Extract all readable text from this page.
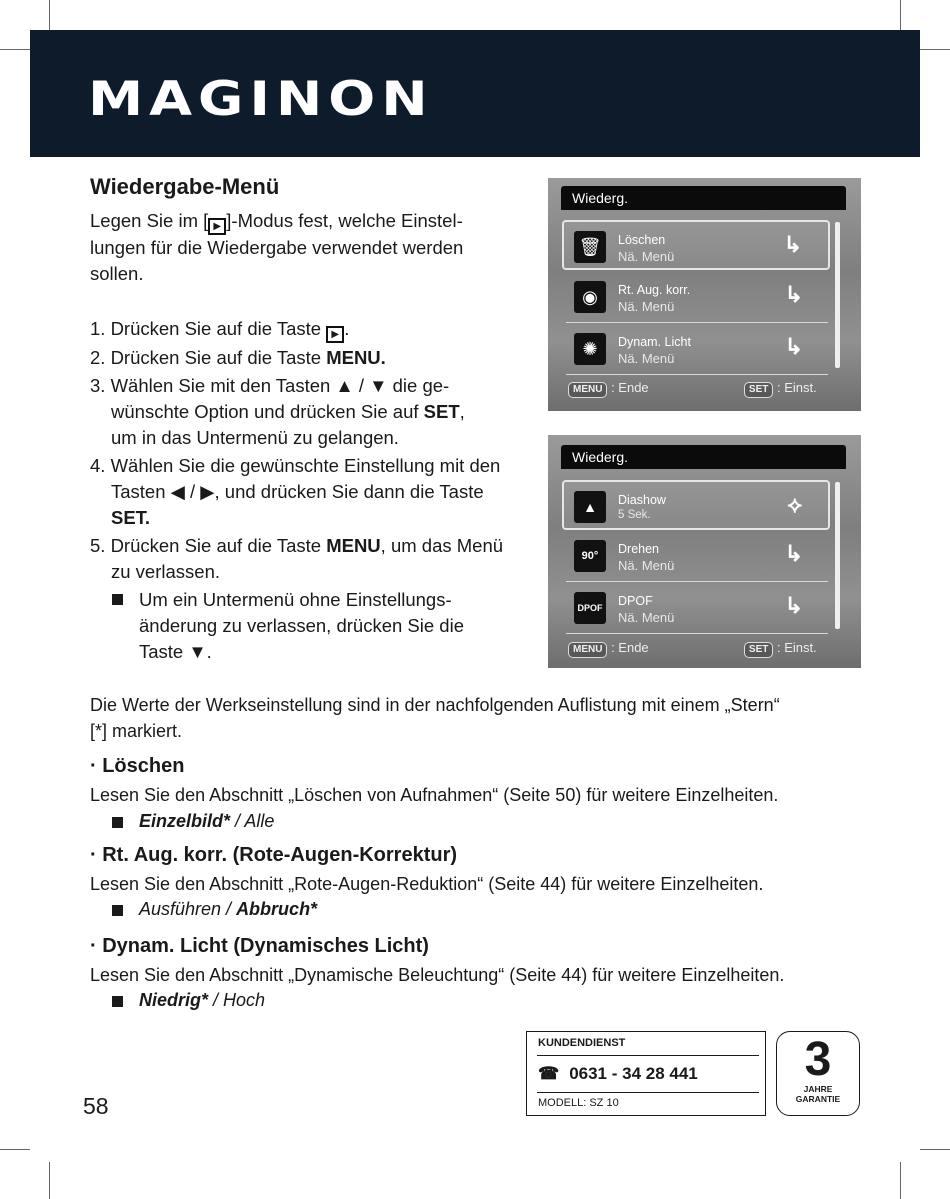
MAGINON
Wiedergabe-Menü
Legen Sie im [ ▶ ]-Modus fest, welche Einstel-
lungen für die Wiedergabe verwendet werden
sollen.
1. Drücken Sie auf die Taste ▶ .
2. Drücken Sie auf die Taste MENU.
3. Wählen Sie mit den Tasten ▲ / ▼ die ge-
wünschte Option und drücken Sie auf SET,
um in das Untermenü zu gelangen.
4. Wählen Sie die gewünschte Einstellung mit den
Tasten ◀ / ▶, und drücken Sie dann die Taste
SET.
5. Drücken Sie auf die Taste MENU, um das Menü
zu verlassen.
Um ein Untermenü ohne Einstellungs-
änderung zu verlassen, drücken Sie die
Taste ▼.
Wiederg.
🗑	Löschen
Nä. Menü	↳
◉	Rt. Aug. korr.
Nä. Menü	↳
✺	Dynam. Licht
Nä. Menü	↳
MENU : Ende	SET : Einst.
Wiederg.
▲	Diashow
5 Sek.	⟡
90°	Drehen
Nä. Menü	↳
DPOF DPOF
Nä. Menü	↳
MENU : Ende	SET : Einst.
Die Werte der Werkseinstellung sind in der nachfolgenden Auflistung mit einem „Stern“
[*] markiert.
· Löschen
Lesen Sie den Abschnitt „Löschen von Aufnahmen“ (Seite 50) für weitere Einzelheiten.
Einzelbild* / Alle
· Rt. Aug. korr. (Rote-Augen-Korrektur)
Lesen Sie den Abschnitt „Rote-Augen-Reduktion“ (Seite 44) für weitere Einzelheiten.
Ausführen / Abbruch*
· Dynam. Licht (Dynamisches Licht)
Lesen Sie den Abschnitt „Dynamische Beleuchtung“ (Seite 44) für weitere Einzelheiten.
Niedrig* / Hoch
KUNDENDIENST
☎ 0631 - 34 28 441
MODELL: SZ 10
3
JAHRE
GARANTIE
58
